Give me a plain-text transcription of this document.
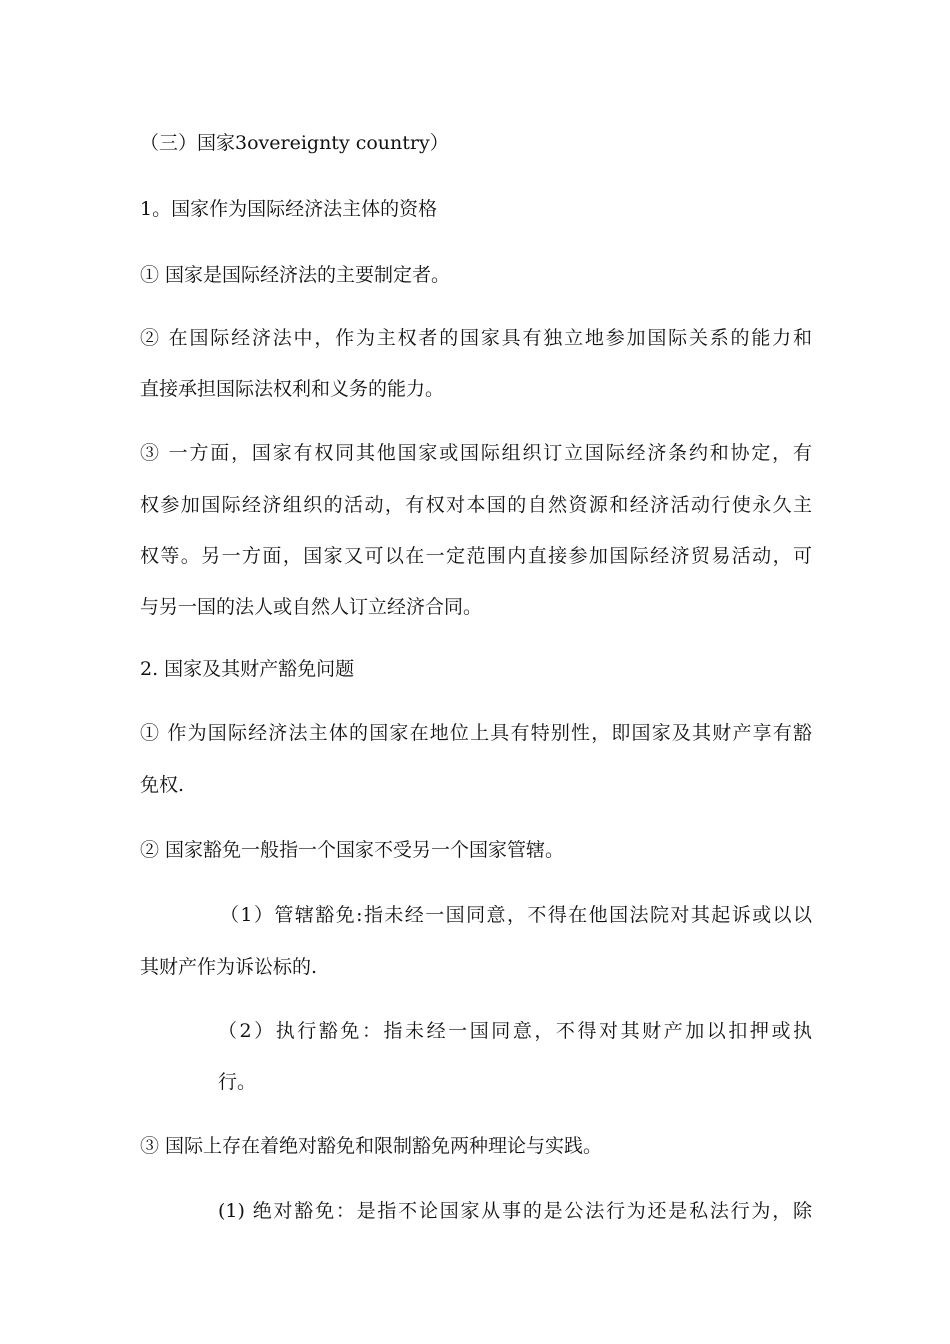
（三）国家3overeignty country）
1。国家作为国际经济法主体的资格
① 国家是国际经济法的主要制定者。
② 在国际经济法中，作为主权者的国家具有独立地参加国际关系的能力和
直接承担国际法权利和义务的能力。
③ 一方面，国家有权同其他国家或国际组织订立国际经济条约和协定，有
权参加国际经济组织的活动，有权对本国的自然资源和经济活动行使永久主
权等。另一方面，国家又可以在一定范围内直接参加国际经济贸易活动，可
与另一国的法人或自然人订立经济合同。
2. 国家及其财产豁免问题
① 作为国际经济法主体的国家在地位上具有特别性，即国家及其财产享有豁
免权.
② 国家豁免一般指一个国家不受另一个国家管辖。
（1）管辖豁免:指未经一国同意，不得在他国法院对其起诉或以以
其财产作为诉讼标的.
（2）执行豁免：指未经一国同意，不得对其财产加以扣押或执
行。
③ 国际上存在着绝对豁免和限制豁免两种理论与实践。
(1) 绝对豁免：是指不论国家从事的是公法行为还是私法行为，除
